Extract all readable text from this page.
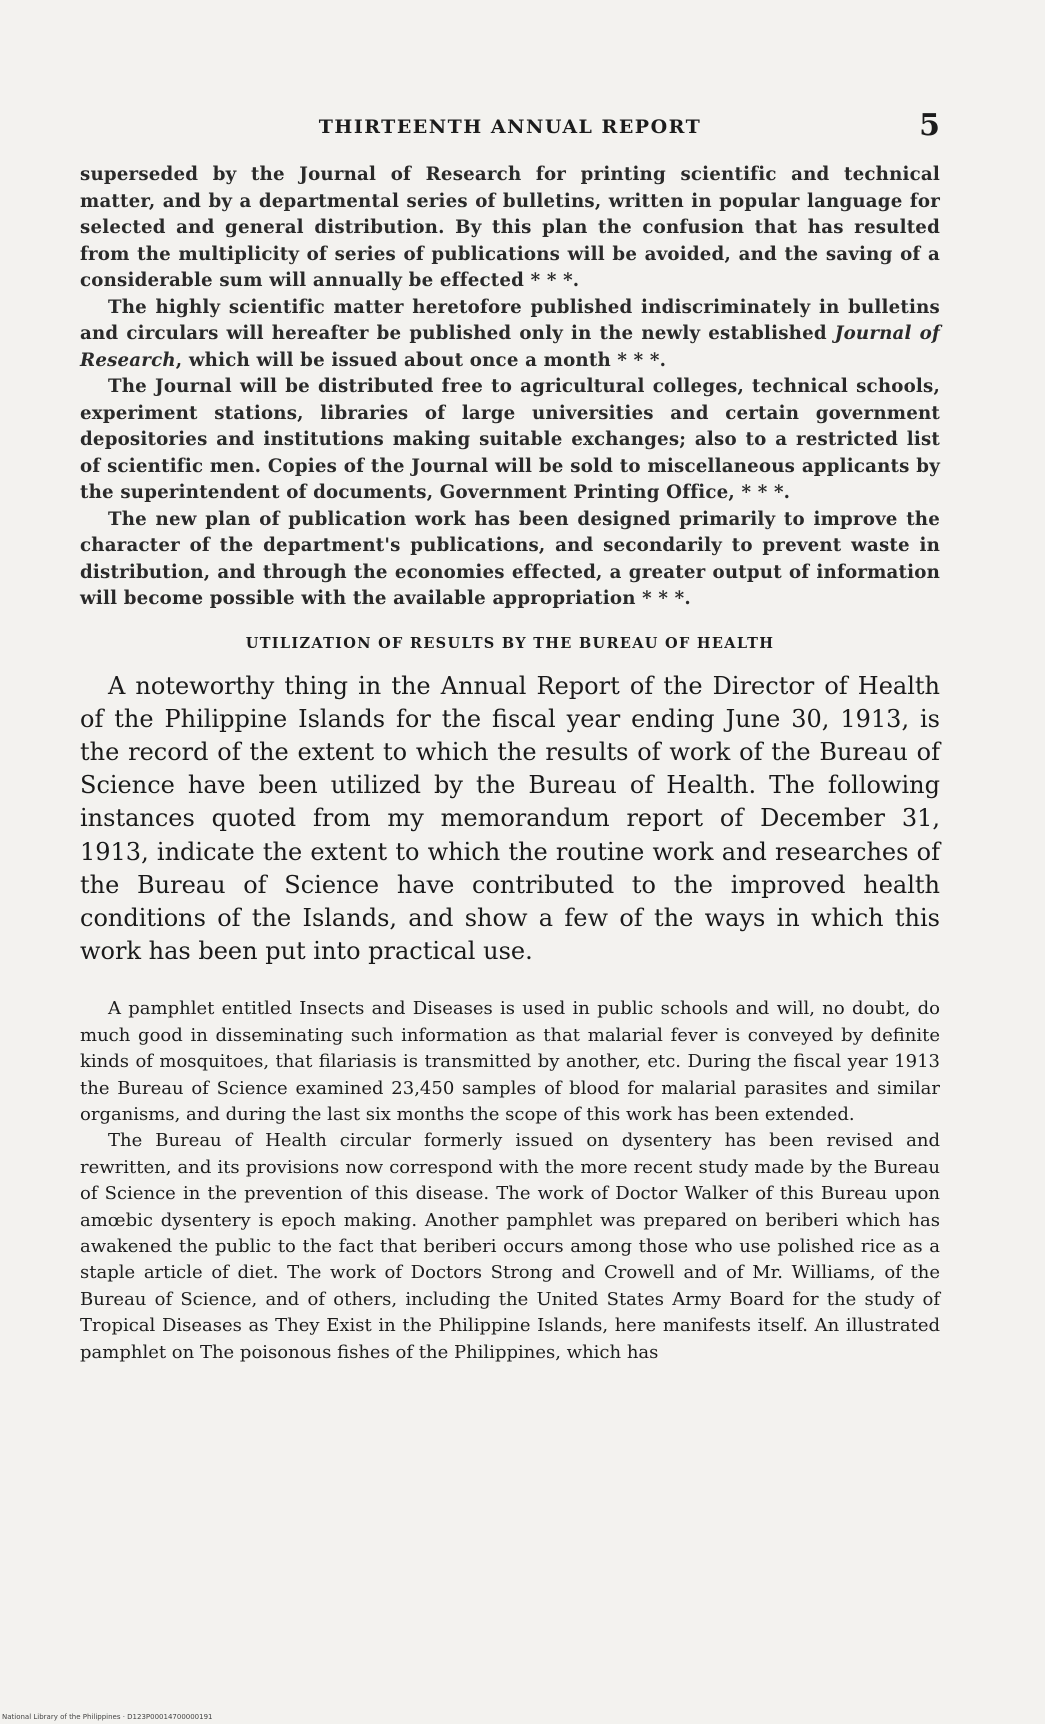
THIRTEENTH ANNUAL REPORT	5

superseded by the Journal of Research for printing scientific and technical matter, and by a departmental series of bulletins, written in popular language for selected and general distribution. By this plan the confusion that has resulted from the multiplicity of series of publications will be avoided, and the saving of a considerable sum will annually be effected * * *.

The highly scientific matter heretofore published indiscriminately in bulletins and circulars will hereafter be published only in the newly established Journal of Research, which will be issued about once a month * * *.

The Journal will be distributed free to agricultural colleges, technical schools, experiment stations, libraries of large universities and certain government depositories and institutions making suitable exchanges; also to a restricted list of scientific men. Copies of the Journal will be sold to miscellaneous applicants by the superintendent of documents, Government Printing Office, * * *.

The new plan of publication work has been designed primarily to improve the character of the department's publications, and secondarily to prevent waste in distribution, and through the economies effected, a greater output of information will become possible with the available appropriation * * *.

UTILIZATION OF RESULTS BY THE BUREAU OF HEALTH

A noteworthy thing in the Annual Report of the Director of Health of the Philippine Islands for the fiscal year ending June 30, 1913, is the record of the extent to which the results of work of the Bureau of Science have been utilized by the Bureau of Health. The following instances quoted from my memorandum report of December 31, 1913, indicate the extent to which the routine work and researches of the Bureau of Science have contributed to the improved health conditions of the Islands, and show a few of the ways in which this work has been put into practical use.

A pamphlet entitled Insects and Diseases is used in public schools and will, no doubt, do much good in disseminating such information as that malarial fever is conveyed by definite kinds of mosquitoes, that filariasis is transmitted by another, etc. During the fiscal year 1913 the Bureau of Science examined 23,450 samples of blood for malarial parasites and similar organisms, and during the last six months the scope of this work has been extended.

The Bureau of Health circular formerly issued on dysentery has been revised and rewritten, and its provisions now correspond with the more recent study made by the Bureau of Science in the prevention of this disease. The work of Doctor Walker of this Bureau upon amœbic dysentery is epoch making. Another pamphlet was prepared on beriberi which has awakened the public to the fact that beriberi occurs among those who use polished rice as a staple article of diet. The work of Doctors Strong and Crowell and of Mr. Williams, of the Bureau of Science, and of others, including the United States Army Board for the study of Tropical Diseases as They Exist in the Philippine Islands, here manifests itself. An illustrated pamphlet on The poisonous fishes of the Philippines, which has

National Library of the Philippines · D123P00014700000191
